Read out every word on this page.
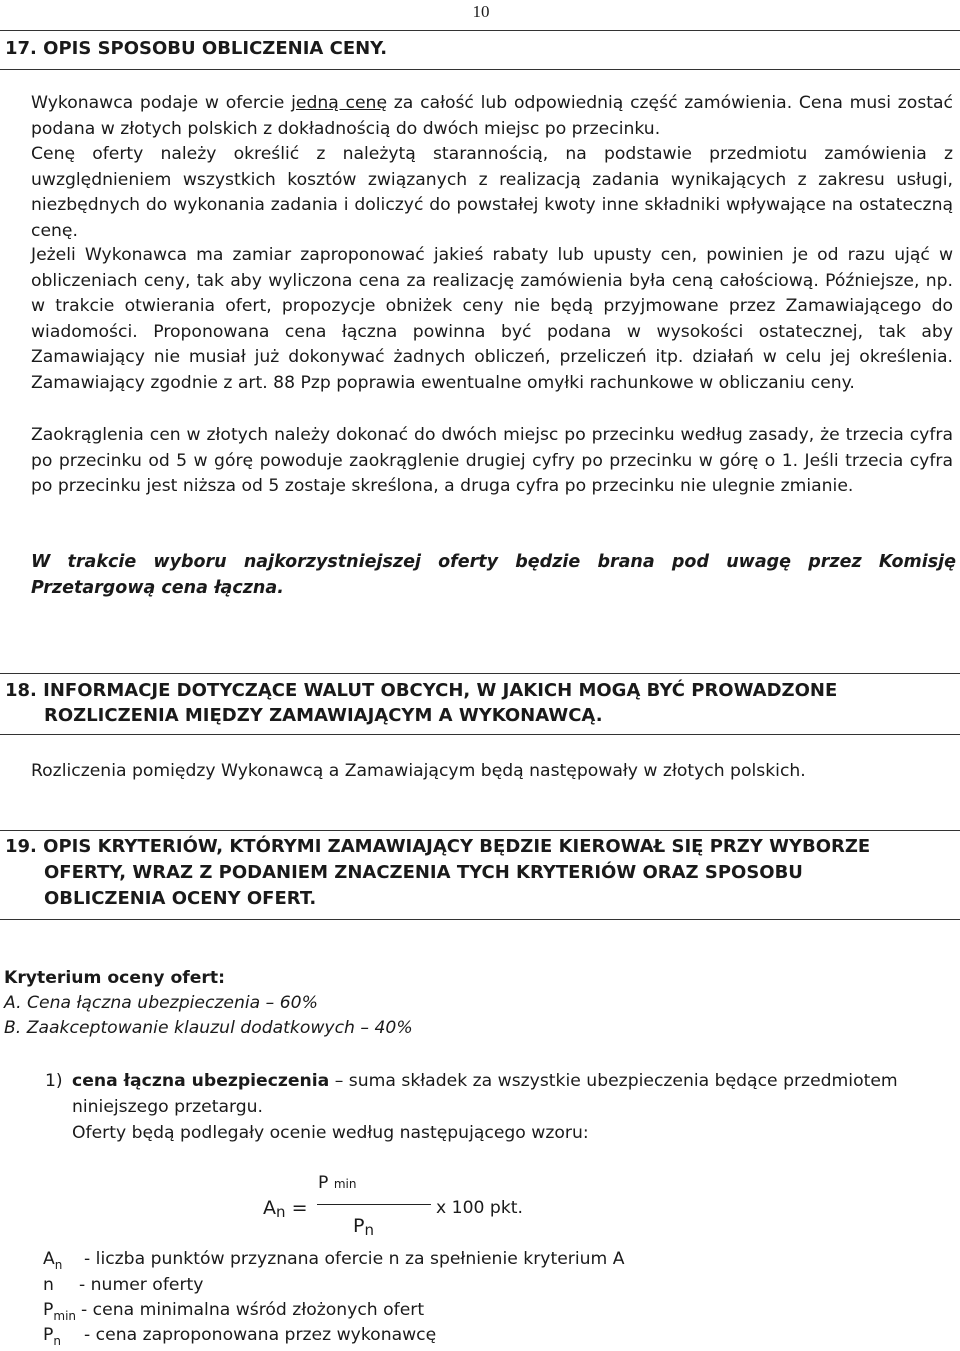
10
17. OPIS SPOSOBU OBLICZENIA CENY.
Wykonawca podaje w ofercie jedną cenę za całość lub odpowiednią część zamówienia. Cena musi zostać podana w złotych polskich z dokładnością do dwóch miejsc po przecinku.
Cenę oferty należy określić z należytą starannością, na podstawie przedmiotu zamówienia z uwzględnieniem wszystkich kosztów związanych z realizacją zadania wynikających z zakresu usługi, niezbędnych do wykonania zadania i doliczyć do powstałej kwoty inne składniki wpływające na ostateczną cenę.
Jeżeli Wykonawca ma zamiar zaproponować jakieś rabaty lub upusty cen, powinien je od razu ująć w obliczeniach ceny, tak aby wyliczona cena za realizację zamówienia była ceną całościową. Późniejsze, np. w trakcie otwierania ofert, propozycje obniżek ceny nie będą przyjmowane przez Zamawiającego do wiadomości. Proponowana cena łączna powinna być podana w wysokości ostatecznej, tak aby Zamawiający nie musiał już dokonywać żadnych obliczeń, przeliczeń itp. działań w celu jej określenia. Zamawiający zgodnie z art. 88 Pzp poprawia ewentualne omyłki rachunkowe w obliczaniu ceny.
Zaokrąglenia cen w złotych należy dokonać do dwóch miejsc po przecinku według zasady, że trzecia cyfra po przecinku od 5 w górę powoduje zaokrąglenie drugiej cyfry po przecinku w górę o 1. Jeśli trzecia cyfra po przecinku jest niższa od 5 zostaje skreślona, a druga cyfra po przecinku nie ulegnie zmianie.
W trakcie wyboru najkorzystniejszej oferty będzie brana pod uwagę przez Komisję Przetargową cena łączna.
18. INFORMACJE DOTYCZĄCE WALUT OBCYCH, W JAKICH MOGĄ BYĆ PROWADZONE
ROZLICZENIA MIĘDZY ZAMAWIAJĄCYM A WYKONAWCĄ.
Rozliczenia pomiędzy Wykonawcą a Zamawiającym będą następowały w złotych polskich.
19. OPIS KRYTERIÓW, KTÓRYMI ZAMAWIAJĄCY BĘDZIE KIEROWAŁ SIĘ PRZY WYBORZE
OFERTY, WRAZ Z PODANIEM ZNACZENIA TYCH KRYTERIÓW ORAZ SPOSOBU
OBLICZENIA OCENY OFERT.
Kryterium oceny ofert:
A. Cena łączna ubezpieczenia – 60%
B. Zaakceptowanie klauzul dodatkowych – 40%
1) cena łączna ubezpieczenia – suma składek za wszystkie ubezpieczenia będące przedmiotem
niniejszego przetargu.
Oferty będą podlegały ocenie według następującego wzoru:
P min
An =	x 100 pkt.
Pn
$A_n$ - liczba punktów przyznana ofercie n za spełnienie kryterium A
n - numer oferty
$P_{min}$ - cena minimalna wśród złożonych ofert
$P_n$ - cena zaproponowana przez wykonawcę
